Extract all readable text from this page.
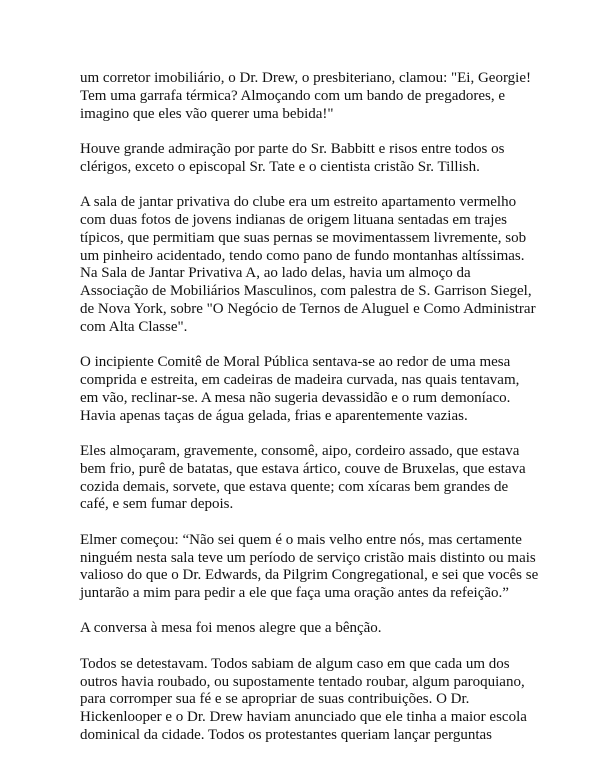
um corretor imobiliário, o Dr. Drew, o presbiteriano, clamou: "Ei, Georgie! Tem uma garrafa térmica? Almoçando com um bando de pregadores, e imagino que eles vão querer uma bebida!"

Houve grande admiração por parte do Sr. Babbitt e risos entre todos os clérigos, exceto o episcopal Sr. Tate e o cientista cristão Sr. Tillish.

A sala de jantar privativa do clube era um estreito apartamento vermelho com duas fotos de jovens indianas de origem lituana sentadas em trajes típicos, que permitiam que suas pernas se movimentassem livremente, sob um pinheiro acidentado, tendo como pano de fundo montanhas altíssimas. Na Sala de Jantar Privativa A, ao lado delas, havia um almoço da Associação de Mobiliários Masculinos, com palestra de S. Garrison Siegel, de Nova York, sobre "O Negócio de Ternos de Aluguel e Como Administrar com Alta Classe".

O incipiente Comitê de Moral Pública sentava-se ao redor de uma mesa comprida e estreita, em cadeiras de madeira curvada, nas quais tentavam, em vão, reclinar-se. A mesa não sugeria devassidão e o rum demoníaco. Havia apenas taças de água gelada, frias e aparentemente vazias.

Eles almoçaram, gravemente, consomê, aipo, cordeiro assado, que estava bem frio, purê de batatas, que estava ártico, couve de Bruxelas, que estava cozida demais, sorvete, que estava quente; com xícaras bem grandes de café, e sem fumar depois.

Elmer começou: “Não sei quem é o mais velho entre nós, mas certamente ninguém nesta sala teve um período de serviço cristão mais distinto ou mais valioso do que o Dr. Edwards, da Pilgrim Congregational, e sei que vocês se juntarão a mim para pedir a ele que faça uma oração antes da refeição.”

A conversa à mesa foi menos alegre que a bênção.

Todos se detestavam. Todos sabiam de algum caso em que cada um dos outros havia roubado, ou supostamente tentado roubar, algum paroquiano, para corromper sua fé e se apropriar de suas contribuições. O Dr. Hickenlooper e o Dr. Drew haviam anunciado que ele tinha a maior escola dominical da cidade. Todos os protestantes queriam lançar perguntas
